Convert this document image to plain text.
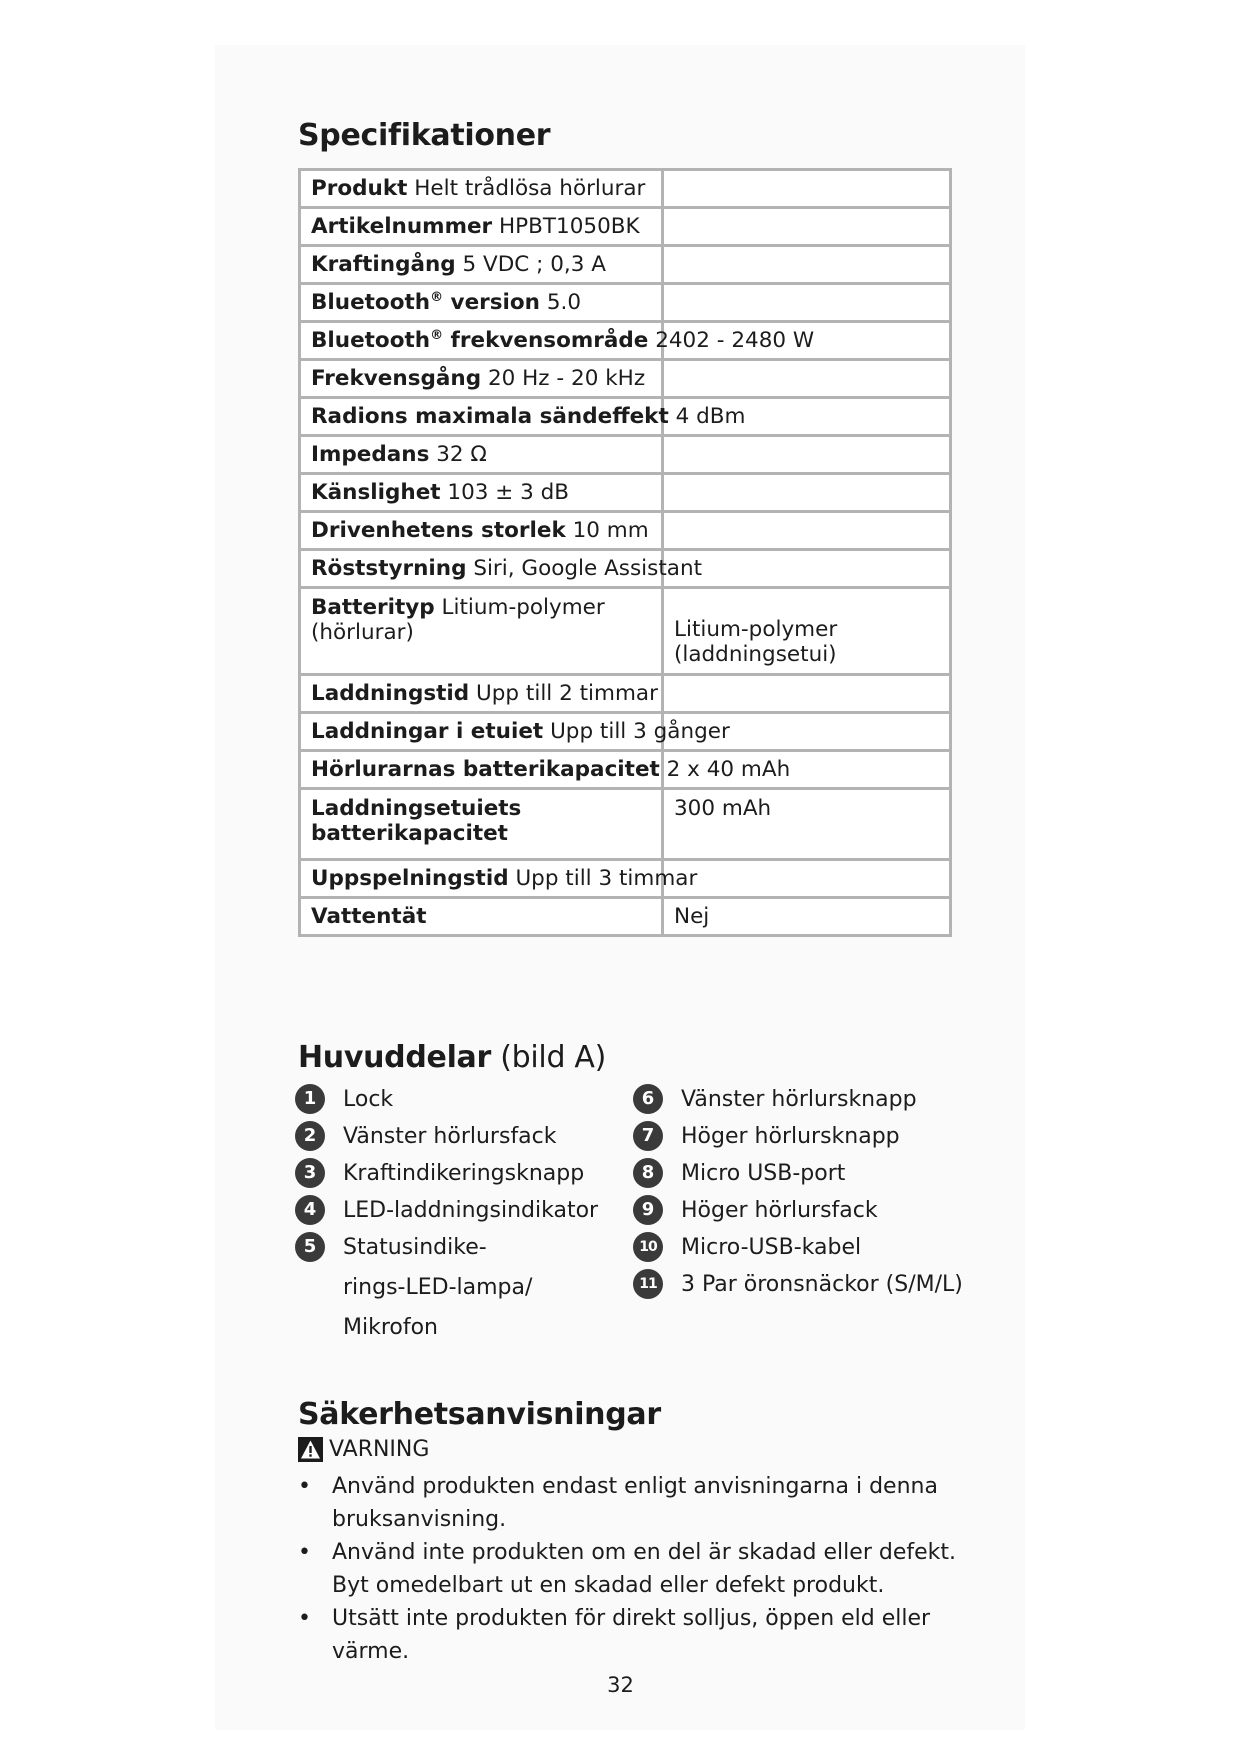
Specifikationer
Produkt Helt trådlösa hörlurar	
Artikelnummer HPBT1050BK	
Kraftingång 5 VDC ; 0,3 A	
Bluetooth® version 5.0	
Bluetooth® frekvensområde 2402 - 2480 W	
Frekvensgång 20 Hz - 20 kHz	
Radions maximala sändeffekt 4 dBm	
Impedans 32 Ω	
Känslighet 103 ± 3 dB	
Drivenhetens storlek 10 mm	
Röststyrning Siri, Google Assistant	
Batterityp Litium-polymer (hörlurar)	Litium-polymer
(laddningsetui)
Laddningstid Upp till 2 timmar	
Laddningar i etuiet Upp till 3 gånger	
Hörlurarnas batterikapacitet 2 x 40 mAh	
Laddningsetuiets batterikapacitet	300 mAh
Uppspelningstid Upp till 3 timmar	
Vattentät	Nej
Huvuddelar (bild A)
1	Lock
2	Vänster hörlursfack
3	Kraftindikeringsknapp
4	LED-laddningsindikator
5	Statusindike-
rings-LED-lampa/
Mikrofon
6	Vänster hörlursknapp
7	Höger hörlursknapp
8	Micro USB-port
9	Höger hörlursfack
10 Micro-USB-kabel
11 3 Par öronsnäckor (S/M/L)
Säkerhetsanvisningar
VARNING
• Använd produkten endast enligt anvisningarna i denna bruksanvisning.
• Använd inte produkten om en del är skadad eller defekt. Byt omedelbart ut en skadad eller defekt produkt.
• Utsätt inte produkten för direkt solljus, öppen eld eller värme.
32
